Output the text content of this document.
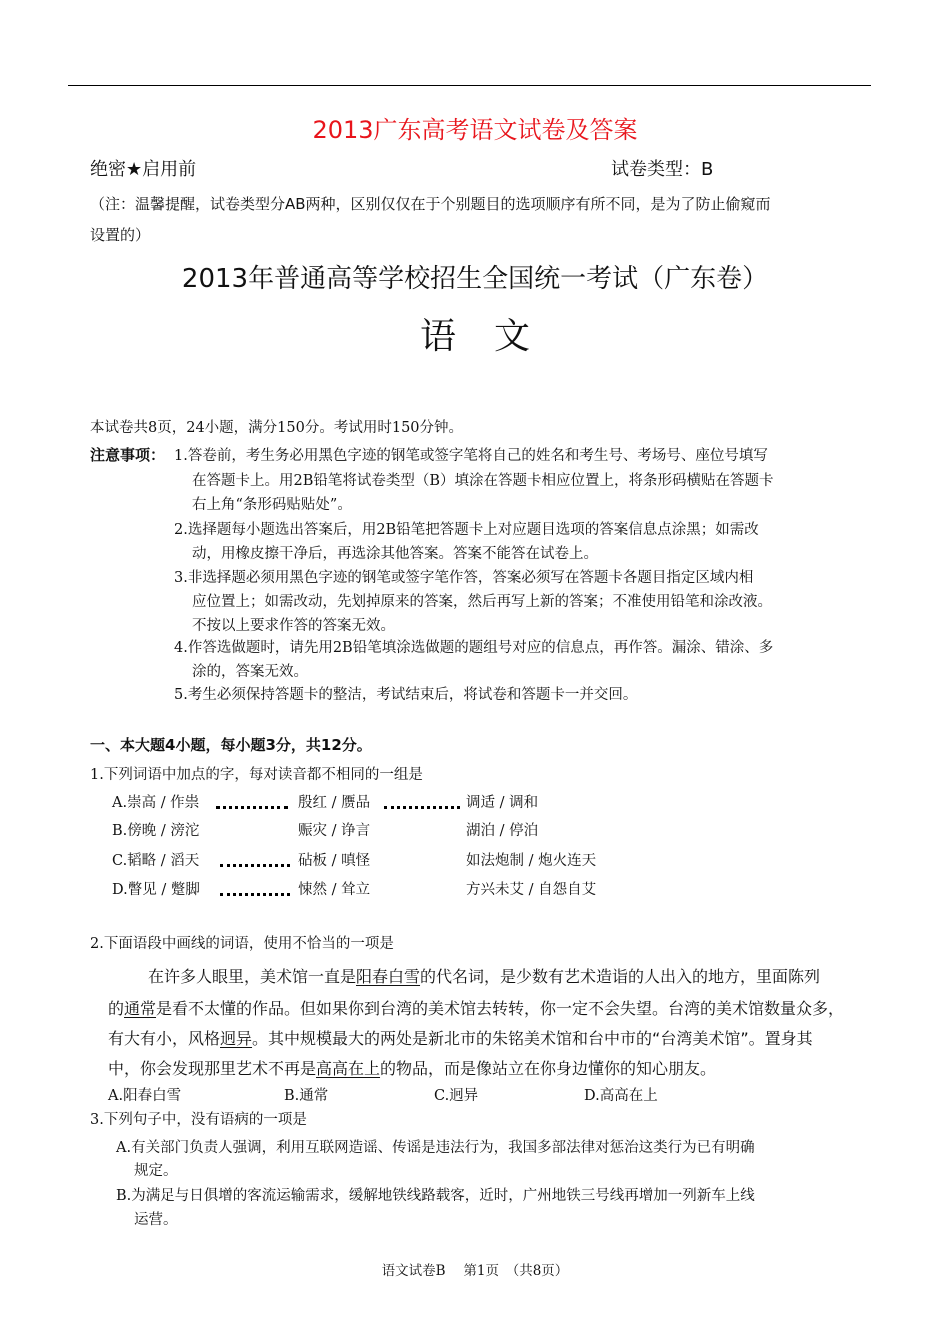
2013广东高考语文试卷及答案
绝密★启用前	试卷类型：B
（注：温馨提醒，试卷类型分AB两种，区别仅仅在于个别题目的选项顺序有所不同，是为了防止偷窥而
设置的）
2013年普通高等学校招生全国统一考试（广东卷）
语文
本试卷共8页，24小题，满分150分。考试用时150分钟。
注意事项： 1.答卷前，考生务必用黑色字迹的钢笔或签字笔将自己的姓名和考生号、考场号、座位号填写
在答题卡上。用2B铅笔将试卷类型（B）填涂在答题卡相应位置上，将条形码横贴在答题卡
右上角“条形码贴贴处”。
2.选择题每小题选出答案后，用2B铅笔把答题卡上对应题目选项的答案信息点涂黑；如需改
动，用橡皮擦干净后，再选涂其他答案。答案不能答在试卷上。
3.非选择题必须用黑色字迹的钢笔或签字笔作答，答案必须写在答题卡各题目指定区域内相
应位置上；如需改动，先划掉原来的答案，然后再写上新的答案；不准使用铅笔和涂改液。
不按以上要求作答的答案无效。
4.作答选做题时，请先用2B铅笔填涂选做题的题组号对应的信息点，再作答。漏涂、错涂、多
涂的，答案无效。
5.考生必须保持答题卡的整洁，考试结束后，将试卷和答题卡一并交回。
一、本大题4小题，每小题3分，共12分。
1.下列词语中加点的字，每对读音都不相同的一组是
A.崇高 / 作祟	殷红 / 赝品	调适 / 调和
B.傍晚 / 滂沱	赈灾 / 诤言	湖泊 / 停泊
C.韬略 / 滔天	砧板 / 嗔怪	如法炮制 / 炮火连天
D.瞥见 / 蹩脚	悚然 / 耸立	方兴未艾 / 自怨自艾
2.下面语段中画线的词语，使用不恰当的一项是
在许多人眼里，美术馆一直是阳春白雪的代名词，是少数有艺术造诣的人出入的地方，里面陈列
的通常是看不太懂的作品。但如果你到台湾的美术馆去转转，你一定不会失望。台湾的美术馆数量众多，
有大有小，风格迥异。其中规模最大的两处是新北市的朱铭美术馆和台中市的“台湾美术馆”。置身其
中，你会发现那里艺术不再是高高在上的物品，而是像站立在你身边懂你的知心朋友。
A.阳春白雪	B.通常	C.迥异	D.高高在上
3.下列句子中，没有语病的一项是
A.有关部门负责人强调，利用互联网造谣、传谣是违法行为，我国多部法律对惩治这类行为已有明确
规定。
B.为满足与日俱增的客流运输需求，缓解地铁线路载客，近时，广州地铁三号线再增加一列新车上线
运营。
语文试卷B　 第1页　（共8页）
